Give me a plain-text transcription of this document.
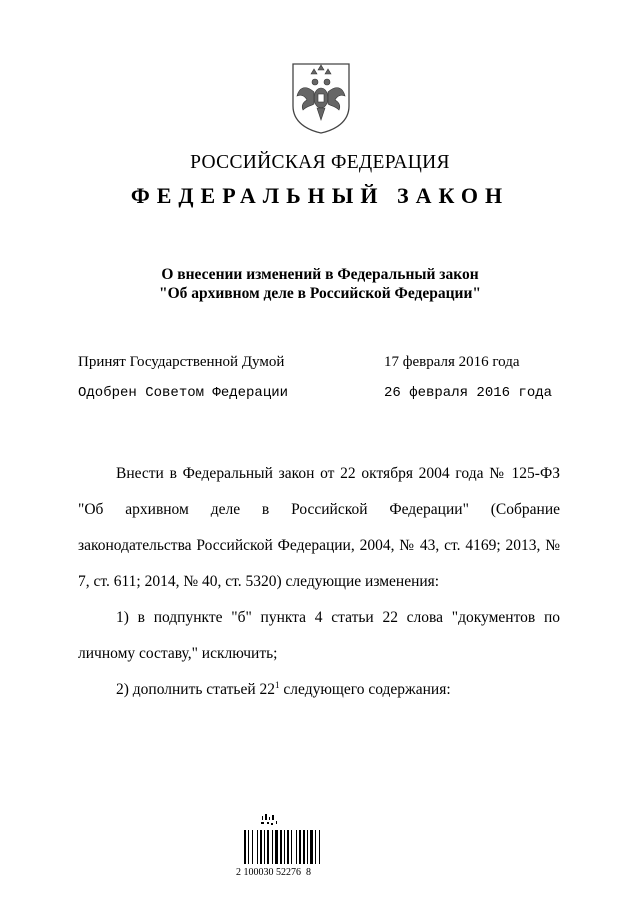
РОССИЙСКАЯ ФЕДЕРАЦИЯ
ФЕДЕРАЛЬНЫЙ ЗАКОН
О внесении изменений в Федеральный закон
"Об архивном деле в Российской Федерации"
Принят Государственной Думой	17 февраля 2016 года
Одобрен Советом Федерации	26 февраля 2016 года

Внести в Федеральный закон от 22 октября 2004 года № 125-ФЗ "Об архивном деле в Российской Федерации" (Собрание законодательства Российской Федерации, 2004, № 43, ст. 4169; 2013, № 7, ст. 611; 2014, № 40, ст. 5320) следующие изменения:

1) в подпункте "б" пункта 4 статьи 22 слова "документов по личному составу," исключить;

2) дополнить статьей $22^1$ следующего содержания:

2 100030 52276  8
